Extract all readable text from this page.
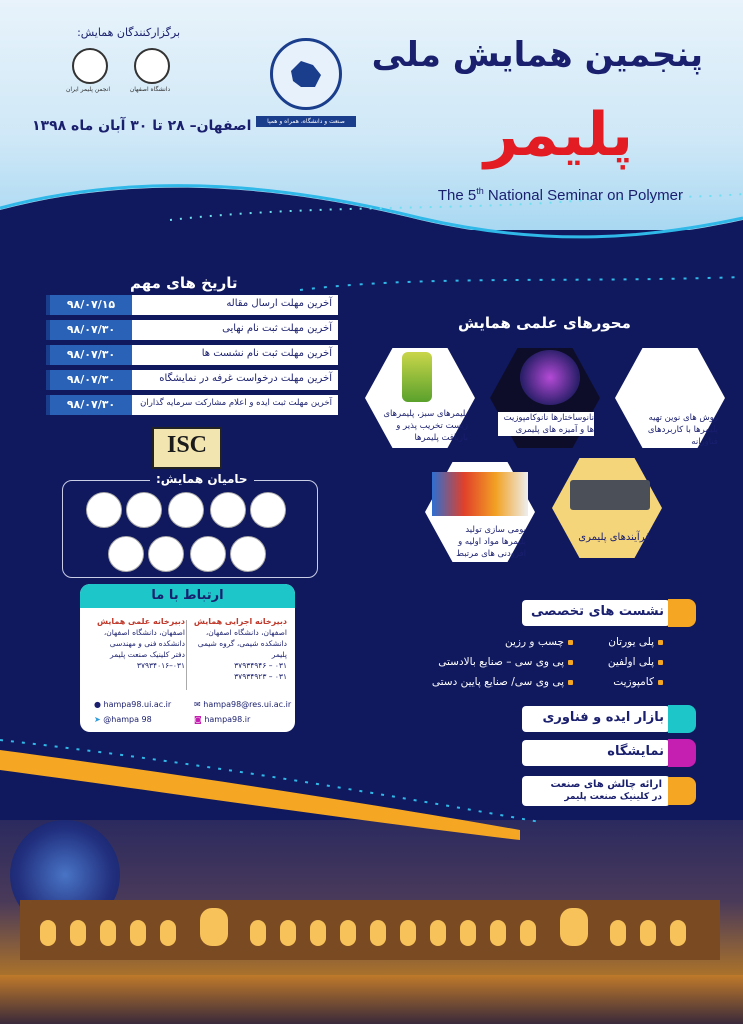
پنجمین همایش ملی
پلیمر
The 5th National Seminar on Polymer
اصفهان– ۲۸ تا ۳۰ آبان ماه ۱۳۹۸
برگزارکنندگان همایش:
دانشگاه اصفهان
انجمن پلیمر ایران
صنعت و دانشگاه، همراه و همپا
تاریخ های مهم
۹۸/۰۷/۱۵	آخرین مهلت ارسال مقاله
۹۸/۰۷/۳۰	آخرین مهلت ثبت نام نهایی
۹۸/۰۷/۳۰	آخرین مهلت ثبت نام نشست ها
۹۸/۰۷/۳۰	آخرین مهلت درخواست غرفه در نمایشگاه
۹۸/۰۷/۳۰	آخرین مهلت ثبت ایده و اعلام مشارکت سرمایه گذاران
ISC
حامیان همایش:
ارتباط با ما
دبیرخانه اجرایی همایش
اصفهان، دانشگاه اصفهان،
دانشکده شیمی، گروه شیمی پلیمر
۰۳۱ – ۳۷۹۳۴۹۴۶
۰۳۱ – ۳۷۹۳۴۹۲۳
دبیرخانه علمی همایش
اصفهان، دانشگاه اصفهان،
دانشکده فنی و مهندسی
دفتر کلینیک صنعت پلیمر
۰۳۱–۳۷۹۳۴۰۱۶
✉ hampa98@res.ui.ac.ir
◙ hampa98.ir
● hampa98.ui.ac.ir
➤ @hampa 98
محورهای علمی همایش
روش های نوین تهیه پلیمرها با کاربردهای فناورانه
نانوساختارها نانوکامپوزیت ها و آمیزه های پلیمری
پلیمرهای سبز، پلیمرهای زیست تخریب پذیر و بازیافت پلیمرها
فرآیندهای پلیمری
بومی سازی تولید پلیمرها مواد اولیه و افزودنی های مرتبط
نشست های تخصصی
پلی یورتان
چسب و رزین
پلی اولفین
پی وی سی – صنایع بالادستی
کامپوزیت
پی وی سی/ صنایع پایین دستی
بازار ایده و فناوری
نمایشگاه
ارائه چالش های صنعت
در کلینیک صنعت پلیمر
